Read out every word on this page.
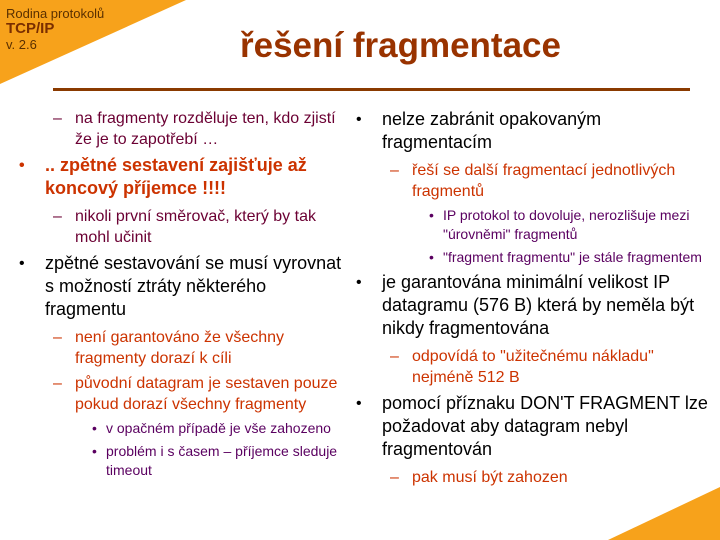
Rodina protokolů
TCP/IP
v. 2.6	řešení fragmentace
– na fragmenty rozděluje ten, kdo zjistí že je to zapotřebí …
• .. zpětné sestavení zajišťuje až koncový příjemce !!!!
– nikoli první směrovač, který by tak mohl učinit
• zpětné sestavování se musí vyrovnat s možností ztráty některého fragmentu
– není garantováno že všechny fragmenty dorazí k cíli
– původní datagram je sestaven pouze pokud dorazí všechny fragmenty
• v opačném případě je vše zahozeno
• problém i s časem – příjemce sleduje timeout
• nelze zabránit opakovaným fragmentacím
– řeší se další fragmentací jednotlivých fragmentů
• IP protokol to dovoluje, nerozlišuje mezi "úrovněmi" fragmentů
• "fragment fragmentu" je stále fragmentem
• je garantována minimální velikost IP datagramu (576 B) která by neměla být nikdy fragmentována
– odpovídá to "užitečnému nákladu" nejméně 512 B
• pomocí příznaku DON'T FRAGMENT lze požadovat aby datagram nebyl fragmentován
– pak musí být zahozen
